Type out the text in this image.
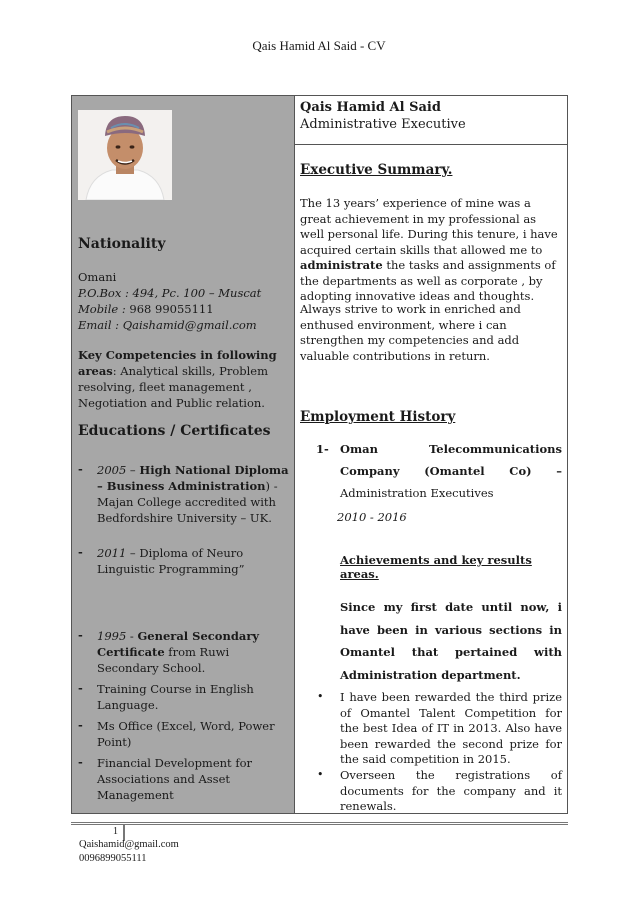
Qais Hamid Al Said - CV
Nationality
Omani
P.O.Box : 494, Pc. 100 – Muscat
Mobile : 968 99055111
Email : Qaishamid@gmail.com
Key Competencies in following areas: Analytical skills, Problem resolving, fleet management , Negotiation and Public relation.
Educations / Certificates
- 2005 – High National Diploma – Business Administration) - Majan College accredited with Bedfordshire University – UK.
- 2011 – Diploma of Neuro Linguistic Programming”
- 1995 - General Secondary Certificate from Ruwi Secondary School.
- Training Course in English Language.
- Ms Office (Excel, Word, Power Point)
- Financial Development for Associations and Asset Management
Qais Hamid Al Said
Administrative Executive
Executive Summary.
The 13 years’ experience of mine was a great achievement in my professional as well personal life. During this tenure, i have acquired certain skills that allowed me to administrate the tasks and assignments of the departments as well as corporate , by adopting innovative ideas and thoughts.
Always strive to work in enriched and enthused environment, where i can strengthen my competencies and add valuable contributions in return.
Employment History
1- Oman Telecommunications Company (Omantel Co) – Administration Executives
2010 - 2016
Achievements and key results areas.
Since my first date until now, i have been in various sections in Omantel that pertained with Administration department.
• I have been rewarded the third prize of Omantel Talent Competition for the best Idea of IT in 2013. Also have been rewarded the second prize for the said competition in 2015.
• Overseen the registrations of documents for the company and it renewals.
1
Qaishamid@gmail.com
0096899055111
